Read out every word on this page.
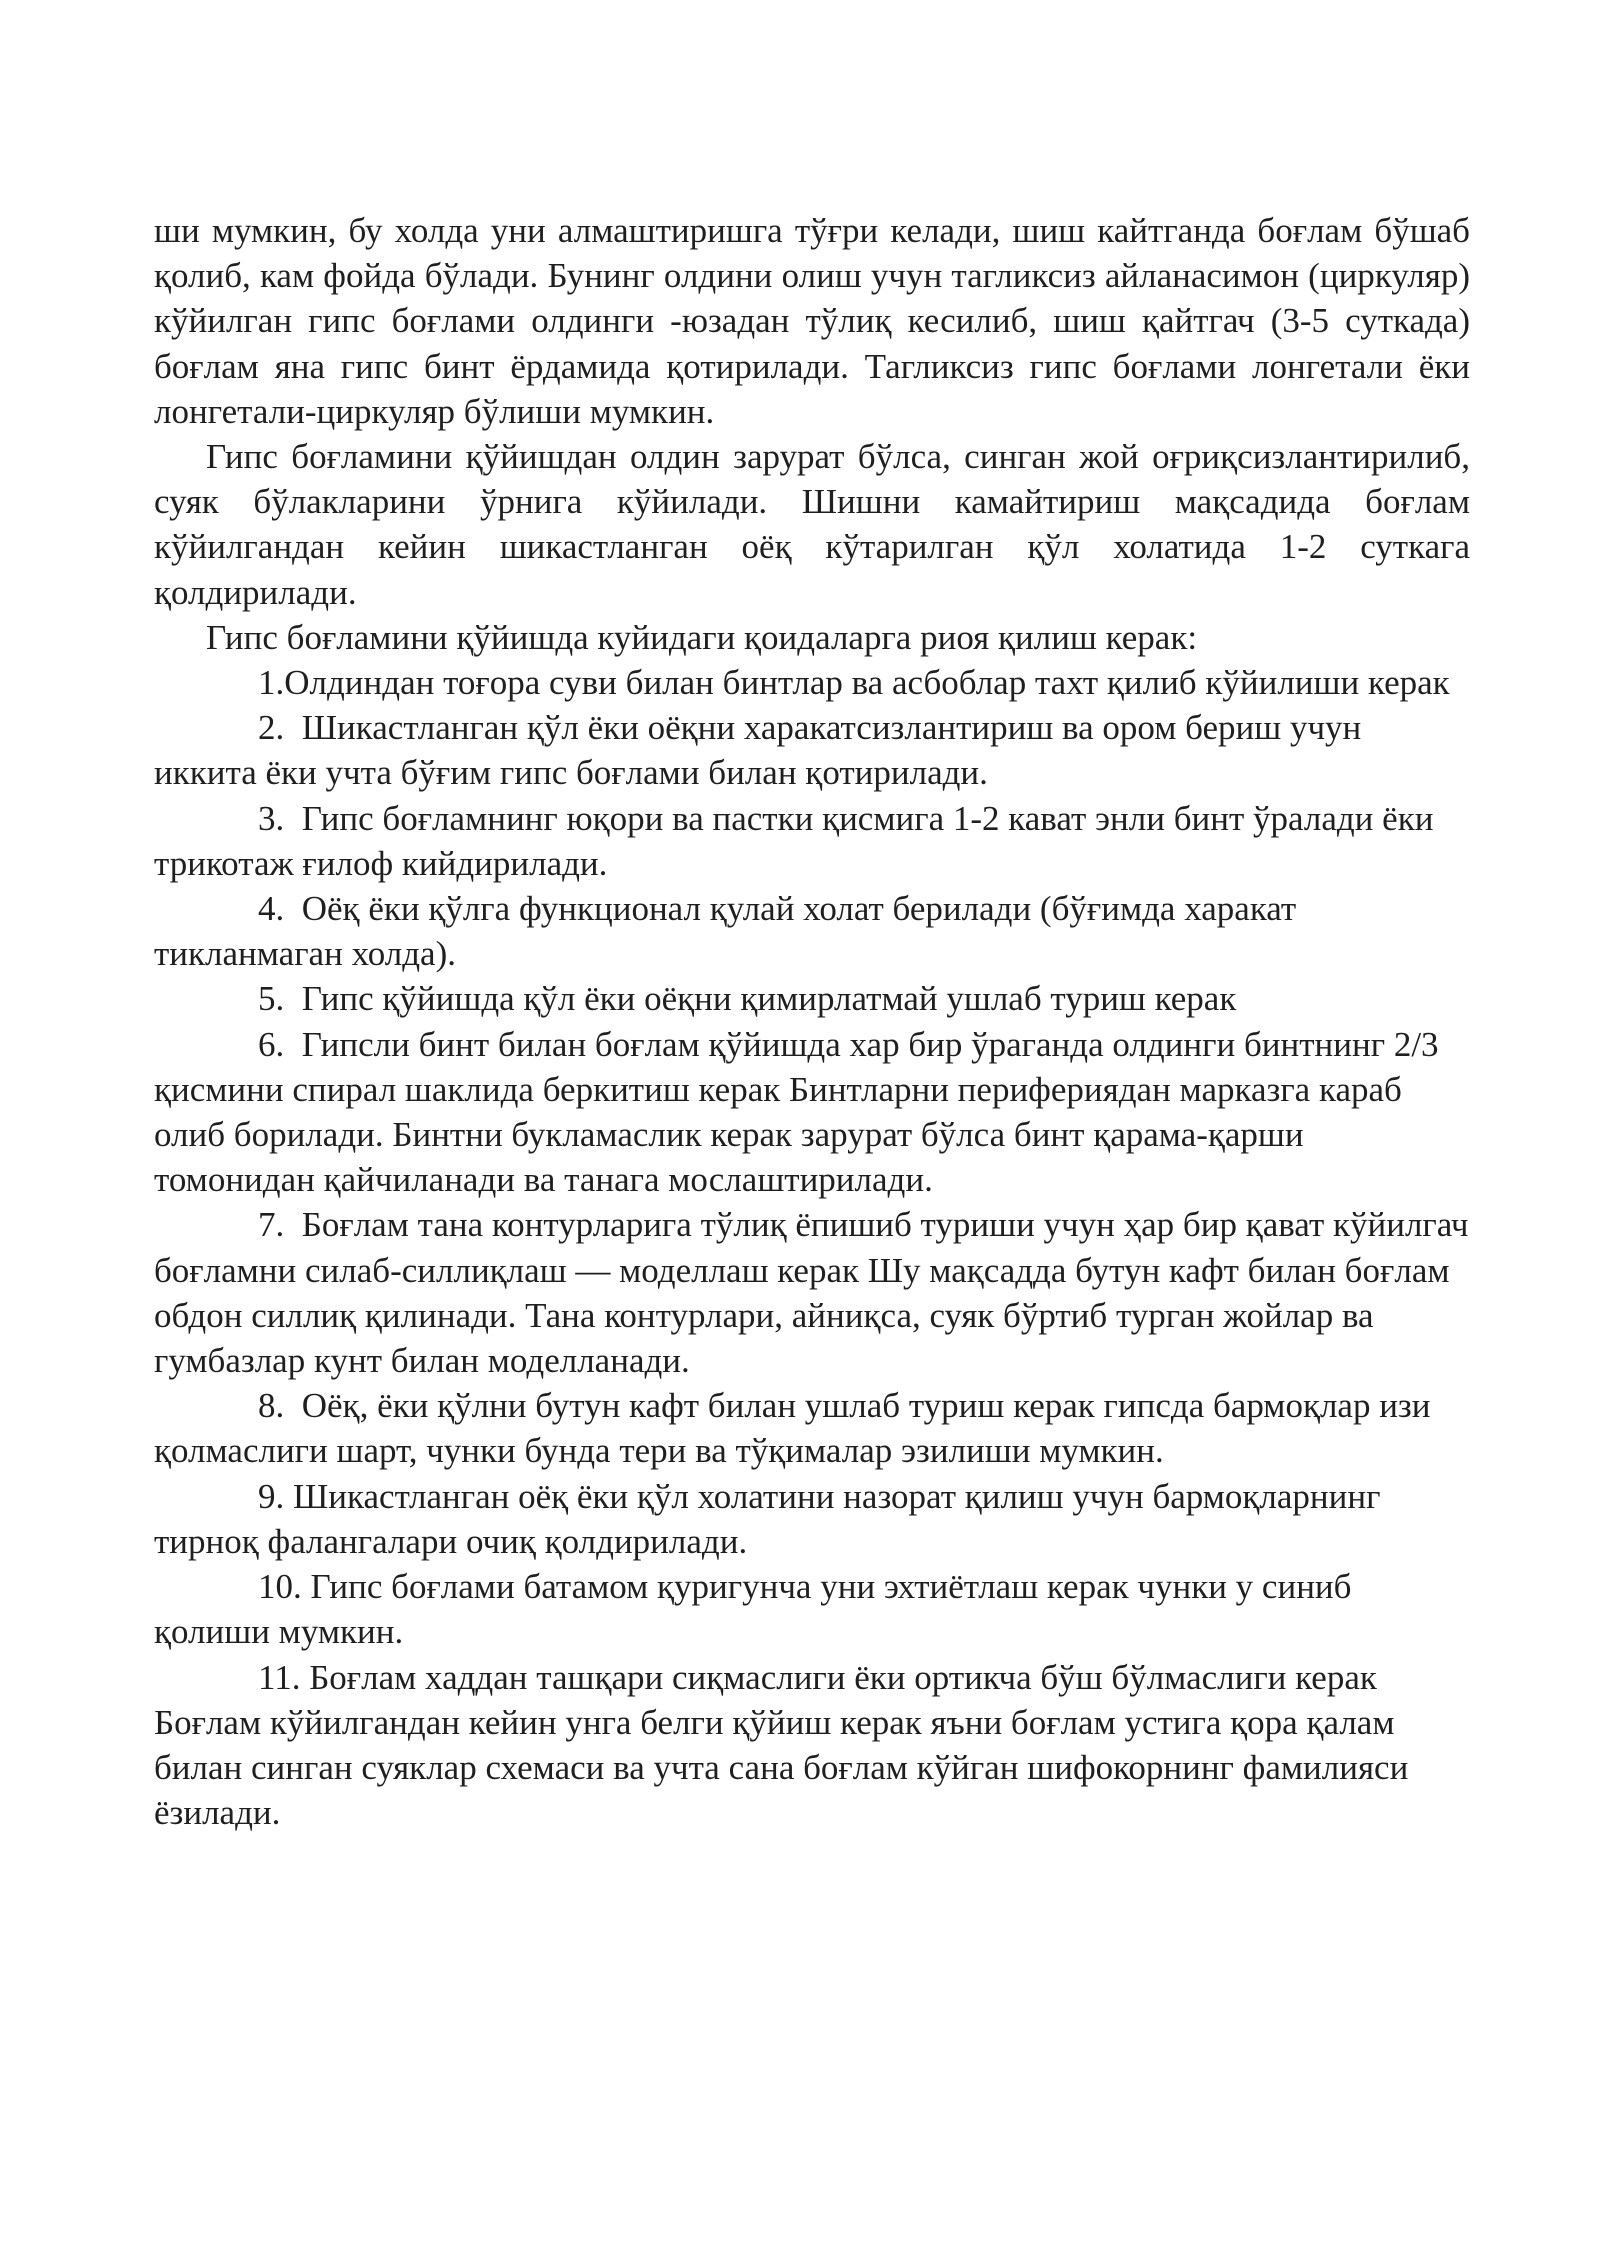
ши мумкин, бу холда уни алмаштиришга тўғри келади, шиш кайтганда боғлам бўшаб қолиб, кам фойда бўлади. Бунинг олдини олиш учун тагликсиз айланасимон (циркуляр) кўйилган гипс боғлами олдинги -юзадан тўлиқ кесилиб, шиш қайтгач (3-5 суткада) боғлам яна гипс бинт ёрдамида қотирилади. Тагликсиз гипс боғлами лонгетали ёки лонгетали-циркуляр бўлиши мумкин.

Гипс боғламини қўйишдан олдин зарурат бўлса, синган жой оғриқсизлантирилиб, суяк бўлакларини ўрнига кўйилади. Шишни камайтириш мақсадида боғлам кўйилгандан кейин шикастланган оёқ кўтарилган қўл холатида 1-2 суткага қолдирилади.

Гипс боғламини қўйишда куйидаги қоидаларга риоя қилиш керак:

1.Олдиндан тоғора суви билан бинтлар ва асбоблар тахт қилиб кўйилиши керак

2. Шикастланган қўл ёки оёқни харакатсизлантириш ва ором бериш учун иккита ёки учта бўғим гипс боғлами билан қотирилади.

3. Гипс боғламнинг юқори ва пастки қисмига 1-2 кават энли бинт ўралади ёки трикотаж ғилоф кийдирилади.

4. Оёқ ёки қўлга функционал қулай холат берилади (бўғимда харакат тикланмаган холда).

5. Гипс қўйишда қўл ёки оёқни қимирлатмай ушлаб туриш керак

6. Гипсли бинт билан боғлам қўйишда хар бир ўраганда олдинги бинтнинг 2/3 қисмини спирал шаклида беркитиш керак Бинтларни перифериядан марказга караб олиб борилади. Бинтни букламаслик керак зарурат бўлса бинт қарама-қарши томонидан қайчиланади ва танага мослаштирилади.

7. Боғлам тана контурларига тўлиқ ёпишиб туриши учун ҳар бир қават кўйилгач боғламни силаб-силлиқлаш — моделлаш керак Шу мақсадда бутун кафт билан боғлам обдон силлиқ қилинади. Тана контурлари, айниқса, суяк бўртиб турган жойлар ва гумбазлар кунт билан моделланади.

8. Оёқ, ёки қўлни бутун кафт билан ушлаб туриш керак гипсда бармоқлар изи қолмаслиги шарт, чунки бунда тери ва тўқималар эзилиши мумкин.

9. Шикастланган оёқ ёки қўл холатини назорат қилиш учун бармоқларнинг тирноқ фалангалари очиқ қолдирилади.

10. Гипс боғлами батамом қуригунча уни эхтиётлаш керак чунки у синиб қолиши мумкин.

11. Боғлам хаддан ташқари сиқмаслиги ёки ортикча бўш бўлмаслиги керак Боғлам кўйилгандан кейин унга белги қўйиш керак яъни боғлам устига қора қалам билан синган суяклар схемаси ва учта сана боғлам кўйган шифокорнинг фамилияси ёзилади.
